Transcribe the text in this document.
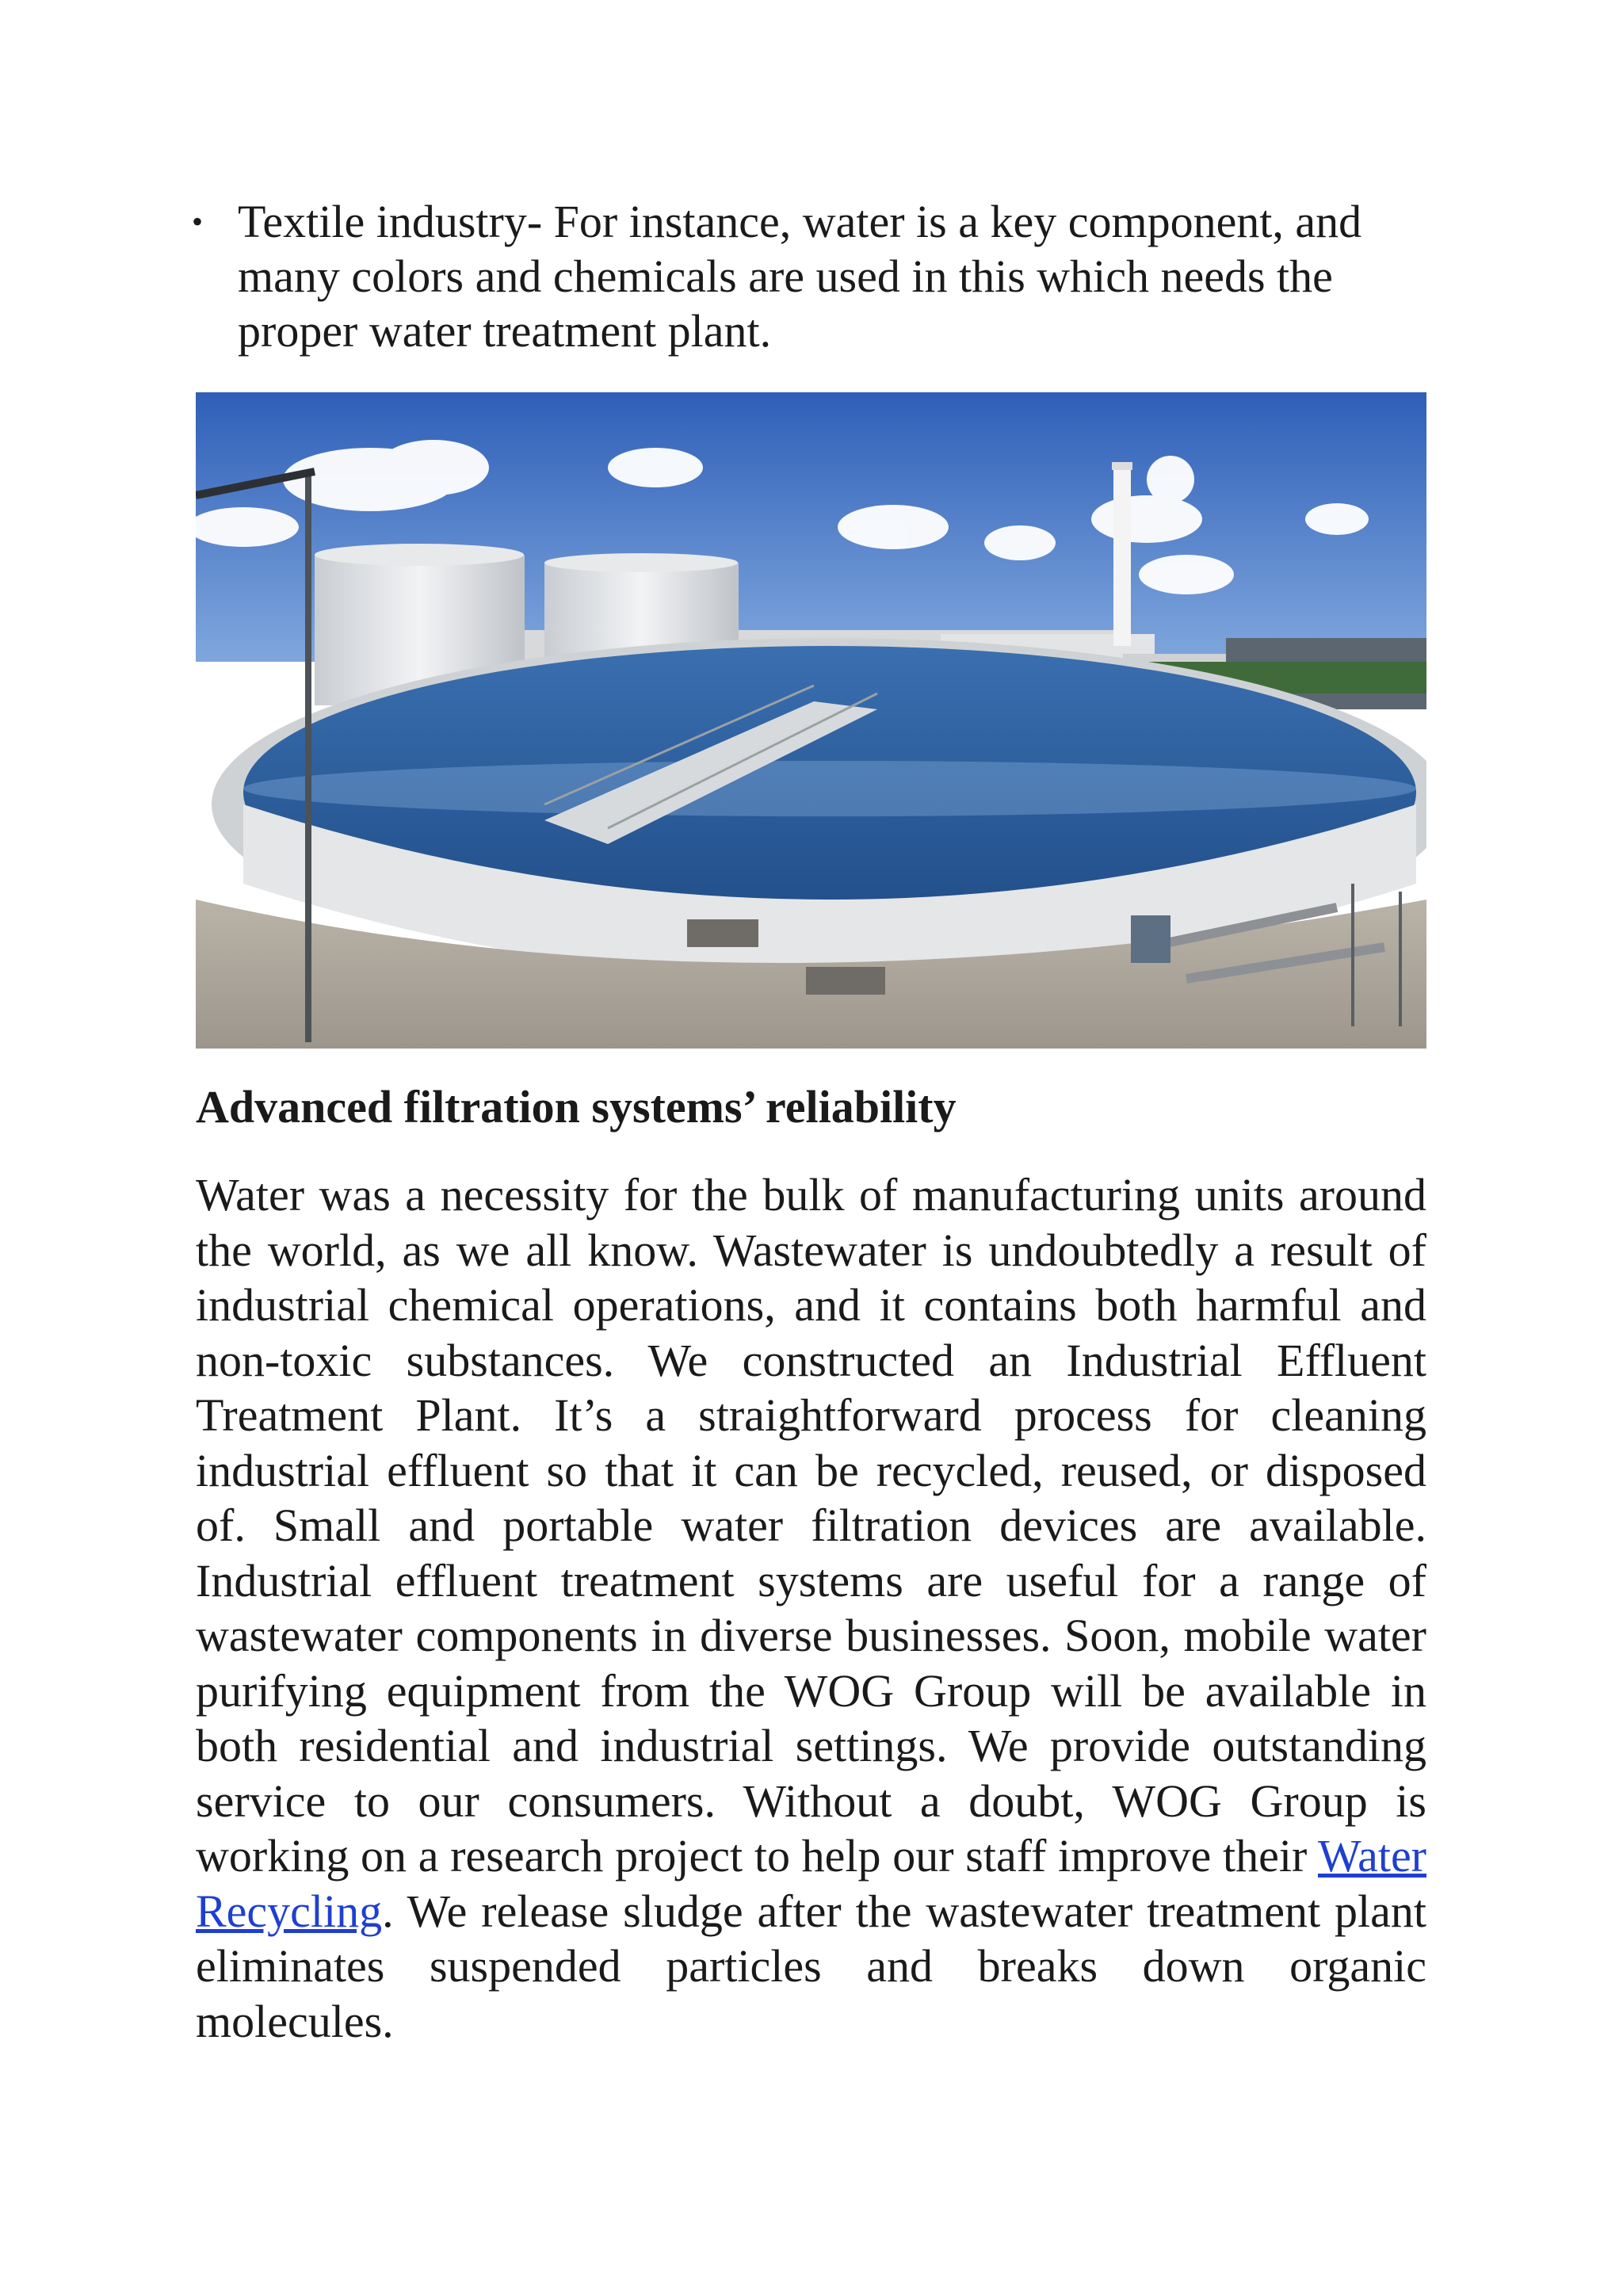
• Textile industry- For instance, water is a key component, and many colors and chemicals are used in this which needs the proper water treatment plant.
Advanced filtration systems’ reliability

Water was a necessity for the bulk of manufacturing units around the world, as we all know. Wastewater is undoubtedly a result of industrial chemical operations, and it contains both harmful and non-toxic substances. We constructed an Industrial Effluent Treatment Plant. It’s a straightforward process for cleaning industrial effluent so that it can be recycled, reused, or disposed of. Small and portable water filtration devices are available. Industrial effluent treatment systems are useful for a range of wastewater components in diverse businesses. Soon, mobile water purifying equipment from the WOG Group will be available in both residential and industrial settings. We provide outstanding service to our consumers. Without a doubt, WOG Group is working on a research project to help our staff improve their Water Recycling. We release sludge after the wastewater treatment plant eliminates suspended particles and breaks down organic molecules.
